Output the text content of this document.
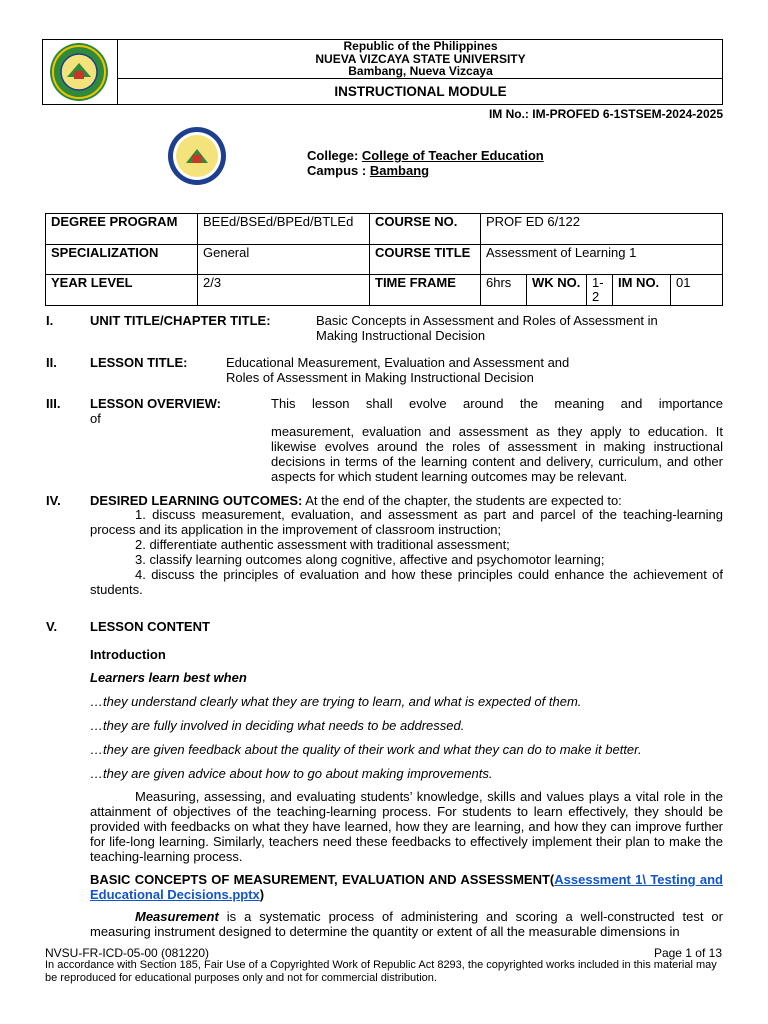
Republic of the Philippines
NUEVA VIZCAYA STATE UNIVERSITY
Bambang, Nueva Vizcaya
INSTRUCTIONAL MODULE
IM No.: IM-PROFED 6-1STSEM-2024-2025
College: College of Teacher Education
Campus : Bambang
DEGREE PROGRAM	BEEd/BSEd/BPEd/BTLEd	COURSE NO.	PROF ED 6/122				
SPECIALIZATION	General	COURSE TITLE	Assessment of Learning 1				
YEAR LEVEL	2/3	TIME FRAME	6hrs	WK NO.	1-2	IM NO.	01
I.	UNIT TITLE/CHAPTER TITLE:	Basic Concepts in Assessment and Roles of Assessment in
Making Instructional Decision
II.	LESSON TITLE:	Educational Measurement, Evaluation and Assessment and
Roles of Assessment in Making Instructional Decision
III. LESSON OVERVIEW:	This lesson shall evolve around the meaning and importance
of
measurement, evaluation and assessment as they apply to education. It likewise evolves around the roles of assessment in making instructional decisions in terms of the learning content and delivery, curriculum, and other aspects for which student learning outcomes may be relevant.
IV. DESIRED LEARNING OUTCOMES: At the end of the chapter, the students are expected to:
1. discuss measurement, evaluation, and assessment as part and parcel of the teaching-learning process and its application in the improvement of classroom instruction;
2. differentiate authentic assessment with traditional assessment;
3. classify learning outcomes along cognitive, affective and psychomotor learning;
4. discuss the principles of evaluation and how these principles could enhance the achievement of students.
V.	LESSON CONTENT
Introduction
Learners learn best when
…they understand clearly what they are trying to learn, and what is expected of them.
…they are fully involved in deciding what needs to be addressed.
…they are given feedback about the quality of their work and what they can do to make it better.
…they are given advice about how to go about making improvements.
Measuring, assessing, and evaluating students’ knowledge, skills and values plays a vital role in the attainment of objectives of the teaching-learning process. For students to learn effectively, they should be provided with feedbacks on what they have learned, how they are learning, and how they can improve further for life-long learning. Similarly, teachers need these feedbacks to effectively implement their plan to make the teaching-learning process.
BASIC CONCEPTS OF MEASUREMENT, EVALUATION AND ASSESSMENT(Assessment 1\ Testing and Educational Decisions.pptx)
Measurement is a systematic process of administering and scoring a well-constructed test or measuring instrument designed to determine the quantity or extent of all the measurable dimensions in
NVSU-FR-ICD-05-00 (081220)	Page 1 of 13
In accordance with Section 185, Fair Use of a Copyrighted Work of Republic Act 8293, the copyrighted works included in this material may be reproduced for educational purposes only and not for commercial distribution.
